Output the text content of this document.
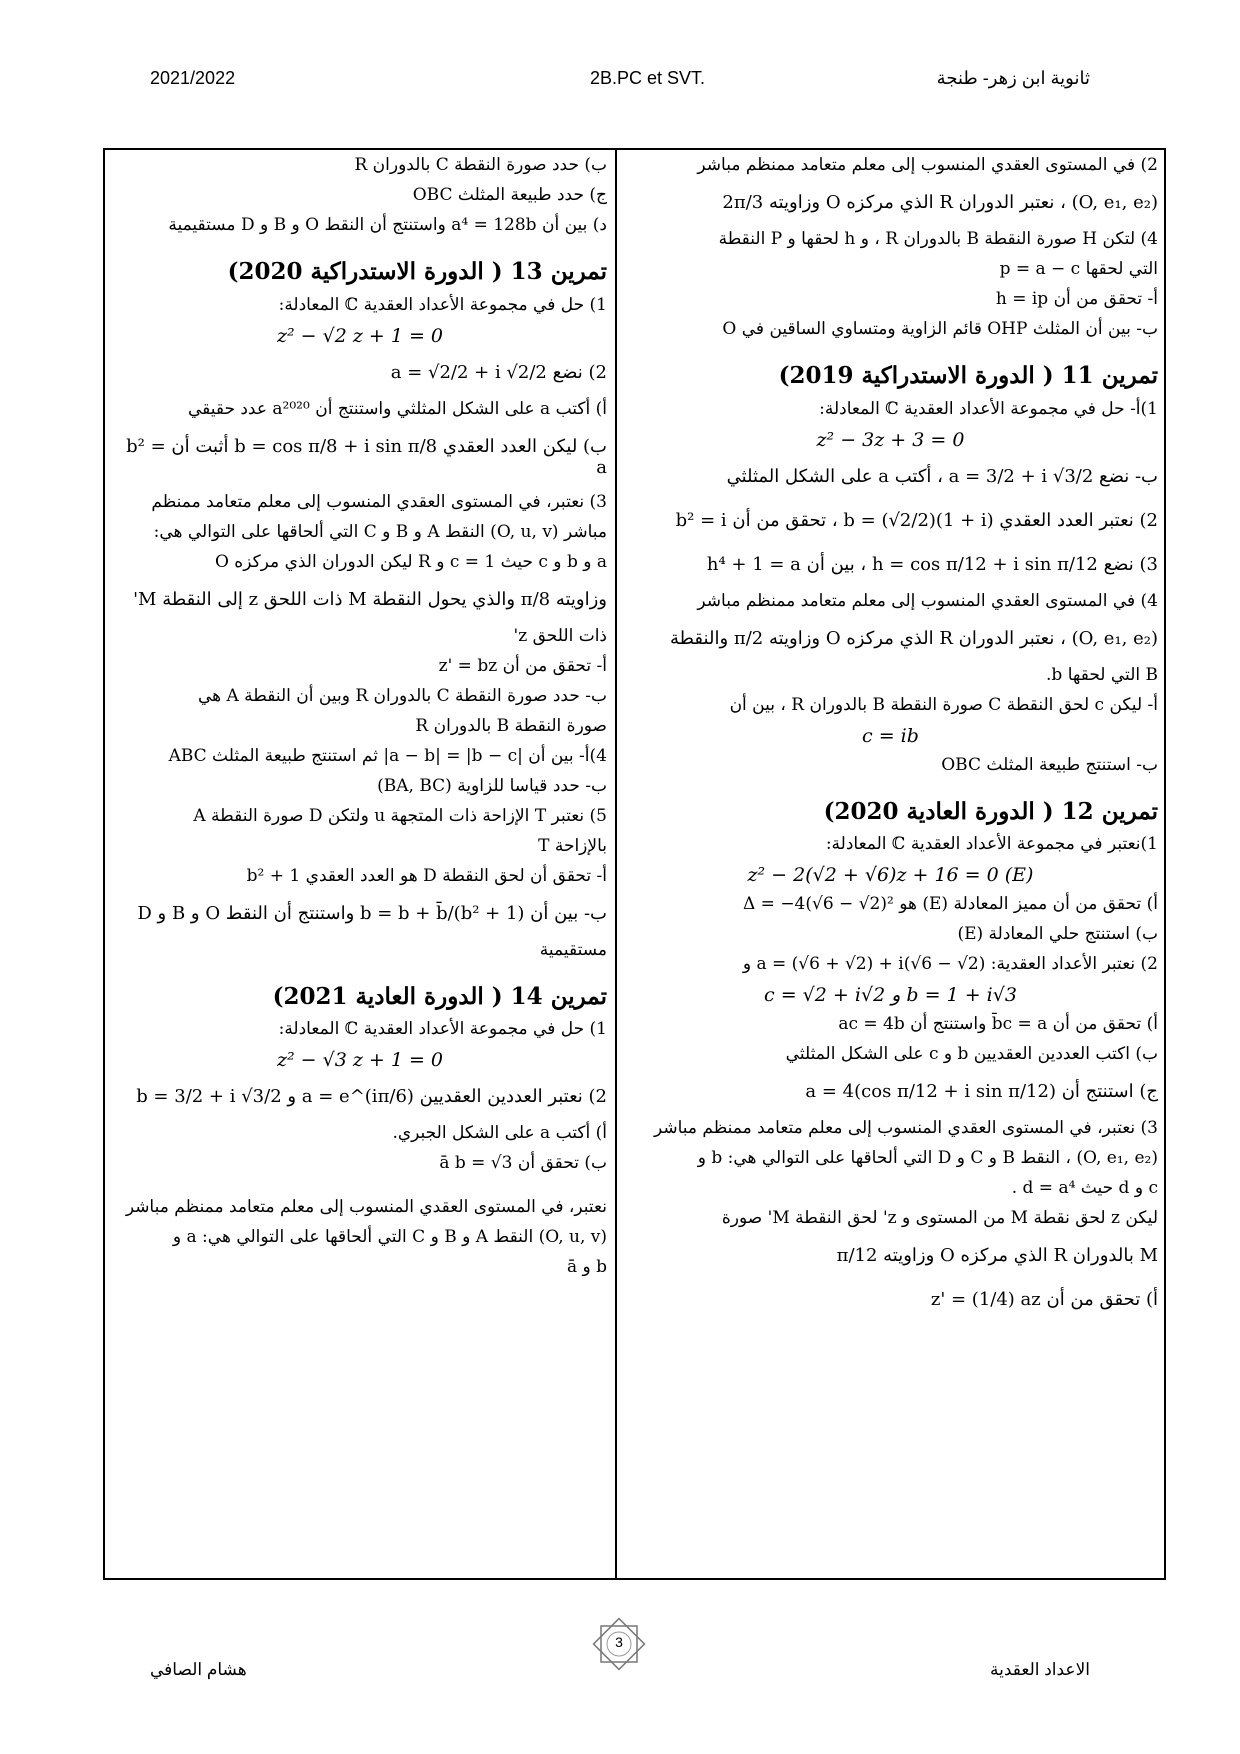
2021/2022	2B.PC et SVT.	ثانوية ابن زهر- طنجة
2) في المستوى العقدي المنسوب إلى معلم متعامد ممنظم مباشر
(O, e₁, e₂) ، نعتبر الدوران R الذي مركزه O وزاويته 2π/3
4) لتكن H صورة النقطة B بالدوران R ، و h لحقها و P النقطة
التي لحقها p = a − c
أ- تحقق من أن h = ip
ب- بين أن المثلث OHP قائم الزاوية ومتساوي الساقين في O
تمرين 11 ( الدورة الاستدراكية 2019)
1)أ- حل في مجموعة الأعداد العقدية ℂ المعادلة:
z² − 3z + 3 = 0
ب- نضع a = 3/2 + i √3/2 ، أكتب a على الشكل المثلثي
2) نعتبر العدد العقدي b = (√2/2)(1 + i) ، تحقق من أن b² = i
3) نضع h = cos π/12 + i sin π/12 ، بين أن h⁴ + 1 = a
4) في المستوى العقدي المنسوب إلى معلم متعامد ممنظم مباشر
(O, e₁, e₂) ، نعتبر الدوران R الذي مركزه O وزاويته π/2 والنقطة
B التي لحقها b.
أ- ليكن c لحق النقطة C صورة النقطة B بالدوران R ، بين أن
c = ib
ب- استنتج طبيعة المثلث OBC
تمرين 12 ( الدورة العادية 2020)
1)نعتبر في مجموعة الأعداد العقدية ℂ المعادلة:
(E) z² − 2(√2 + √6)z + 16 = 0
أ) تحقق من أن مميز المعادلة (E) هو Δ = −4(√6 − √2)²
ب) استنتج حلي المعادلة (E)
2) نعتبر الأعداد العقدية: a = (√6 + √2) + i(√6 − √2) و
b = 1 + i√3 و c = √2 + i√2
أ) تحقق من أن b̄c = a واستنتج أن ac = 4b
ب) اكتب العددين العقديين b و c على الشكل المثلثي
ج) استنتج أن a = 4(cos π/12 + i sin π/12)
3) نعتبر، في المستوى العقدي المنسوب إلى معلم متعامد ممنظم مباشر
(O, e₁, e₂) ، النقط B و C و D التي ألحاقها على التوالي هي: b و
c و d حيث d = a⁴ .
ليكن z لحق نقطة M من المستوى و z' لحق النقطة M' صورة
M بالدوران R الذي مركزه O وزاويته π/12
أ) تحقق من أن z' = (1/4) az
ب) حدد صورة النقطة C بالدوران R
ج) حدد طبيعة المثلث OBC
د) بين أن a⁴ = 128b واستنتج أن النقط O و B و D مستقيمية
تمرين 13 ( الدورة الاستدراكية 2020)
1) حل في مجموعة الأعداد العقدية ℂ المعادلة:
z² − √2 z + 1 = 0
2) نضع a = √2/2 + i √2/2
أ) أكتب a على الشكل المثلثي واستنتج أن a²⁰²⁰ عدد حقيقي
ب) ليكن العدد العقدي b = cos π/8 + i sin π/8 أثبت أن b² = a
3) نعتبر، في المستوى العقدي المنسوب إلى معلم متعامد ممنظم
مباشر (O, u, v) النقط A و B و C التي ألحاقها على التوالي هي:
a و b و c حيث c = 1 و R ليكن الدوران الذي مركزه O
وزاويته π/8 والذي يحول النقطة M ذات اللحق z إلى النقطة M'
ذات اللحق z'
أ- تحقق من أن z' = bz
ب- حدد صورة النقطة C بالدوران R وبين أن النقطة A هي
صورة النقطة B بالدوران R
4)أ- بين أن |a − b| = |b − c| ثم استنتج طبيعة المثلث ABC
ب- حدد قياسا للزاوية (BA, BC)
5) نعتبر T الإزاحة ذات المتجهة u ولتكن D صورة النقطة A
بالإزاحة T
أ- تحقق أن لحق النقطة D هو العدد العقدي b² + 1
ب- بين أن (b² + 1)/b = b + b̄ واستنتج أن النقط O و B و D
مستقيمية
تمرين 14 ( الدورة العادية 2021)
1) حل في مجموعة الأعداد العقدية ℂ المعادلة:
z² − √3 z + 1 = 0
2) نعتبر العددين العقديين a = e^(iπ/6) و b = 3/2 + i √3/2
أ) أكتب a على الشكل الجبري.
ب) تحقق أن ā b = √3
نعتبر، في المستوى العقدي المنسوب إلى معلم متعامد ممنظم مباشر
(O, u, v) النقط A و B و C التي ألحاقها على التوالي هي: a و
b و ā
3
هشام الصافي	الاعداد العقدية
